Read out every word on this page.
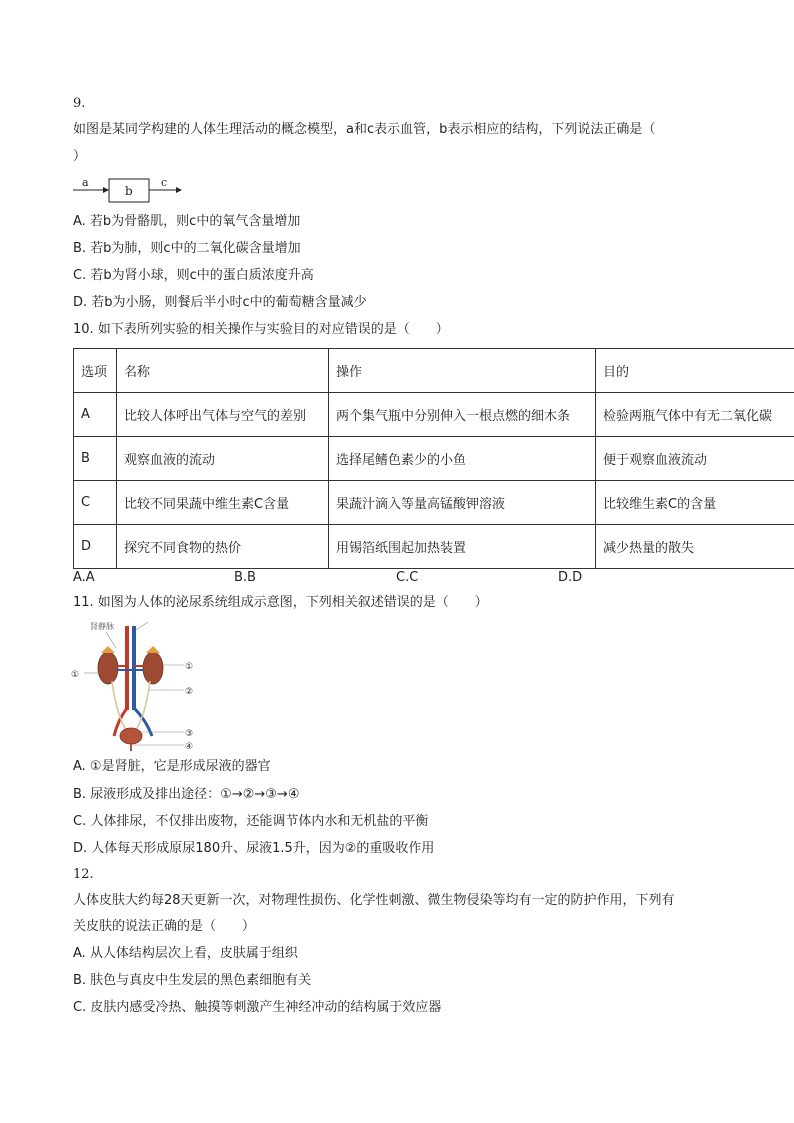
9.
如图是某同学构建的人体生理活动的概念模型，a和c表示血管，b表示相应的结构，下列说法正确是（
）
a
b
c
A. 若b为骨骼肌，则c中的氧气含量增加
B. 若b为肺，则c中的二氧化碳含量增加
C. 若b为肾小球，则c中的蛋白质浓度升高
D. 若b为小肠，则餐后半小时c中的葡萄糖含量减少
10. 如下表所列实验的相关操作与实验目的对应错误的是（　　）
选项	名称	操作	目的
A	比较人体呼出气体与空气的差别	两个集气瓶中分别伸入一根点燃的细木条	检验两瓶气体中有无二氧化碳
B	观察血液的流动	选择尾鳍色素少的小鱼	便于观察血液流动
C	比较不同果蔬中维生素C含量	果蔬汁滴入等量高锰酸钾溶液	比较维生素C的含量
D	探究不同食物的热价	用锡箔纸围起加热装置	减少热量的散失
A.A	B.B	C.C	D.D
11. 如图为人体的泌尿系统组成示意图，下列相关叙述错误的是（　　）
肾静脉
①
①
②
③
④
A. ①是肾脏，它是形成尿液的器官
B. 尿液形成及排出途径：①→②→③→④
C. 人体排尿，不仅排出废物，还能调节体内水和无机盐的平衡
D. 人体每天形成原尿180升、尿液1.5升，因为②的重吸收作用
12.
人体皮肤大约每28天更新一次，对物理性损伤、化学性刺激、微生物侵染等均有一定的防护作用，下列有
关皮肤的说法正确的是（　　）
A. 从人体结构层次上看，皮肤属于组织
B. 肤色与真皮中生发层的黑色素细胞有关
C. 皮肤内感受冷热、触摸等刺激产生神经冲动的结构属于效应器
